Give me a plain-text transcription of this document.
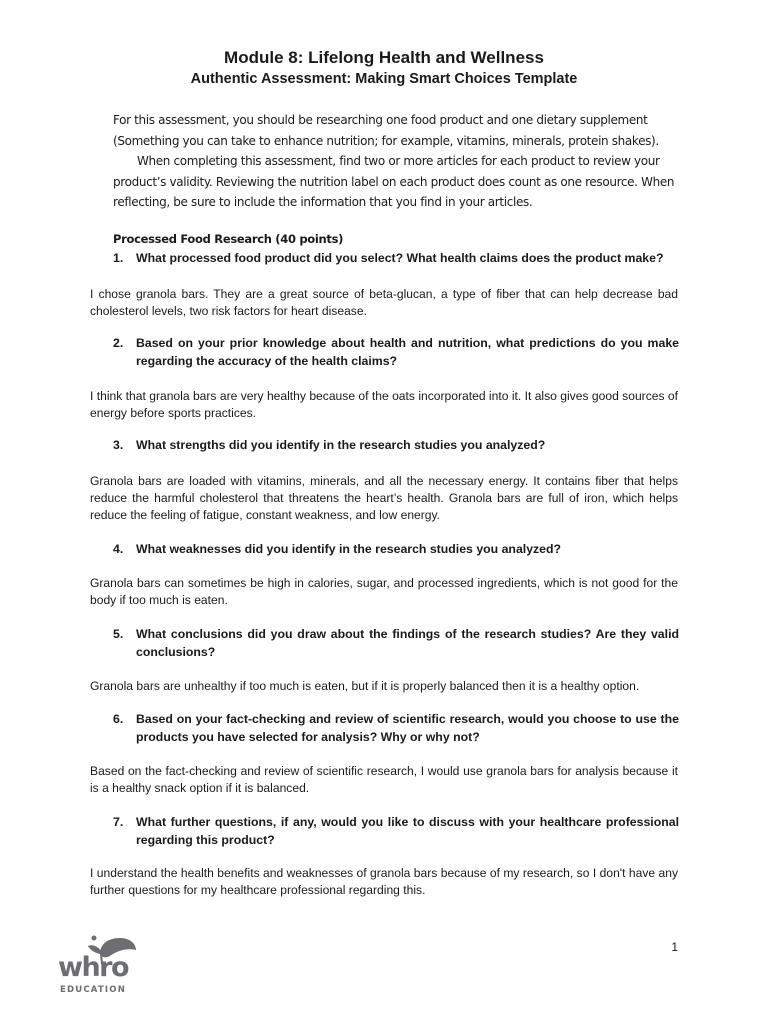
Module 8: Lifelong Health and Wellness
Authentic Assessment: Making Smart Choices Template

For this assessment, you should be researching one food product and one dietary supplement (Something you can take to enhance nutrition; for example, vitamins, minerals, protein shakes).

When completing this assessment, find two or more articles for each product to review your product’s validity. Reviewing the nutrition label on each product does count as one resource. When reflecting, be sure to include the information that you find in your articles.

Processed Food Research (40 points)

1.	What processed food product did you select? What health claims does the product make?

I chose granola bars. They are a great source of beta-glucan, a type of fiber that can help decrease bad cholesterol levels, two risk factors for heart disease.

2.	Based on your prior knowledge about health and nutrition, what predictions do you make regarding the accuracy of the health claims?

I think that granola bars are very healthy because of the oats incorporated into it. It also gives good sources of energy before sports practices.

3.	What strengths did you identify in the research studies you analyzed?

Granola bars are loaded with vitamins, minerals, and all the necessary energy. It contains fiber that helps reduce the harmful cholesterol that threatens the heart’s health. Granola bars are full of iron, which helps reduce the feeling of fatigue, constant weakness, and low energy.

4.	What weaknesses did you identify in the research studies you analyzed?

Granola bars can sometimes be high in calories, sugar, and processed ingredients, which is not good for the body if too much is eaten.

5.	What conclusions did you draw about the findings of the research studies? Are they valid conclusions?

Granola bars are unhealthy if too much is eaten, but if it is properly balanced then it is a healthy option.

6.	Based on your fact-checking and review of scientific research, would you choose to use the products you have selected for analysis? Why or why not?

Based on the fact-checking and review of scientific research, I would use granola bars for analysis because it is a healthy snack option if it is balanced.

7.	What further questions, if any, would you like to discuss with your healthcare professional regarding this product?

I understand the health benefits and weaknesses of granola bars because of my research, so I don't have any further questions for my healthcare professional regarding this.

1

whro
EDUCATION
